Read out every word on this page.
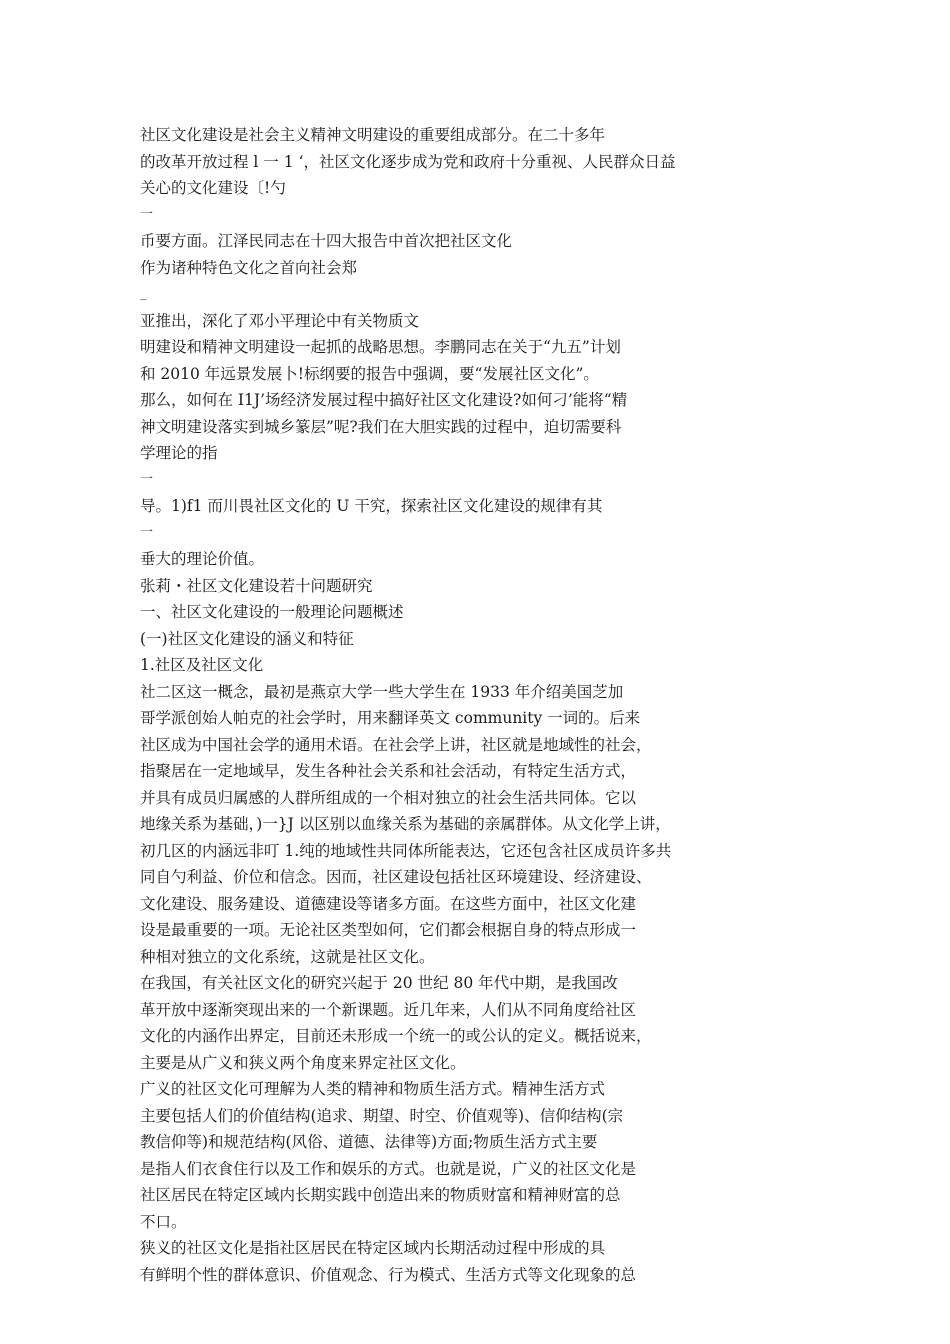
社区文化建设是社会主义精神文明建设的重要组成部分。在二十多年
的改革开放过程 l 一 1 ‘，社区文化逐步成为党和政府十分重视、人民群众日益
关心的文化建设〔!勺
一
币要方面。江泽民同志在十四大报告中首次把社区文化
作为诸种特色文化之首向社会郑
_
亚推出，深化了邓小平理论中有关物质文
明建设和精神文明建设一起抓的战略思想。李鹏同志在关于“九五”计划
和 2010 年远景发展卜!标纲要的报告中强调，要“发展社区文化”。
那么，如何在 I1J’场经济发展过程中搞好社区文化建设?如何刁’能将“精
神文明建设落实到城乡篆层”呢?我们在大胆实践的过程中，迫切需要科
学理论的指
一
导。1)f1 而川畏社区文化的 U 干究，探索社区文化建设的规律有其
一
垂大的理论价值。
张莉・社区文化建设若十问题研究
一、社区文化建设的一般理论问题概述
(一)社区文化建设的涵义和特征
1.社区及社区文化
社二区这一概念，最初是燕京大学一些大学生在 1933 年介绍美国芝加
哥学派创始人帕克的社会学时，用来翻译英文 community 一词的。后来
社区成为中国社会学的通用术语。在社会学上讲，社区就是地域性的社会，
指聚居在一定地域早，发生各种社会关系和社会活动，有特定生活方式，
并具有成员归属感的人群所组成的一个相对独立的社会生活共同体。它以
地缘关系为基础，)一}J 以区别以血缘关系为基础的亲属群体。从文化学上讲，
初几区的内涵远非叮 1.纯的地域性共同体所能表达，它还包含社区成员许多共
同自勺利益、价位和信念。因而，社区建设包括社区环境建设、经济建设、
文化建设、服务建设、道德建设等诸多方面。在这些方面中，社区文化建
设是最重要的一项。无论社区类型如何，它们都会根据自身的特点形成一
种相对独立的文化系统，这就是社区文化。
在我国，有关社区文化的研究兴起于 20 世纪 80 年代中期，是我国改
革开放中逐渐突现出来的一个新课题。近几年来，人们从不同角度给社区
文化的内涵作出界定，目前还未形成一个统一的或公认的定义。概括说来，
主要是从广义和狭义两个角度来界定社区文化。
广义的社区文化可理解为人类的精神和物质生活方式。精神生活方式
主要包括人们的价值结构(追求、期望、时空、价值观等)、信仰结构(宗
教信仰等)和规范结构(风俗、道德、法律等)方面;物质生活方式主要
是指人们衣食住行以及工作和娱乐的方式。也就是说，广义的社区文化是
社区居民在特定区域内长期实践中创造出来的物质财富和精神财富的总
不口。
狭义的社区文化是指社区居民在特定区域内长期活动过程中形成的具
有鲜明个性的群体意识、价值观念、行为模式、生活方式等文化现象的总
